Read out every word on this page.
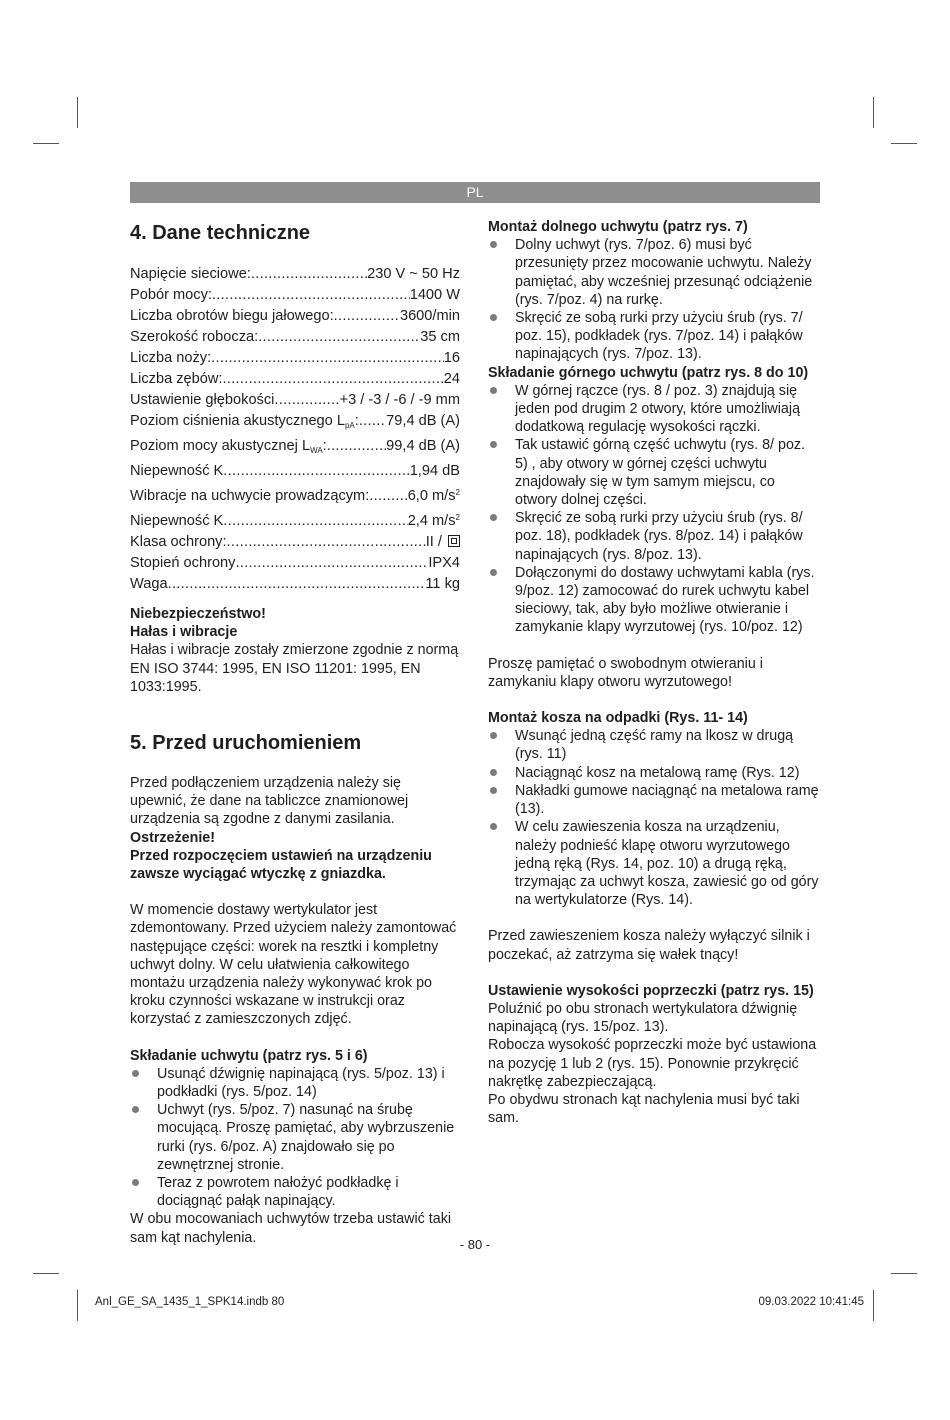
PL
4. Dane techniczne
Napięcie sieciowe: .....	230 V ~ 50 Hz
Pobór mocy: .....	1400 W
Liczba obrotów biegu jałowego: .....	3600/min
Szerokość robocza: .....	35 cm
Liczba noży: .....	16
Liczba zębów: .....	24
Ustawienie głębokości .....	+3 / -3 / -6 / -9 mm
Poziom ciśnienia akustycznego $L_{pA}$: ..... 79,4 dB (A)
Poziom mocy akustycznej $L_{WA}$: .....	99,4 dB (A)
Niepewność K .....	1,94 dB
Wibracje na uchwycie prowadzącym: .....	6,0 $m/s^2$
Niepewność K .....	2,4 $m/s^2$
Klasa ochrony: .....	II /
Stopień ochrony .....	IPX4
Waga .....	11 kg

Niebezpieczeństwo!

Hałas i wibracje

Hałas i wibracje zostały zmierzone zgodnie z normą EN ISO 3744: 1995, EN ISO 11201: 1995, EN 1033:1995.

5. Przed uruchomieniem

Przed podłączeniem urządzenia należy się upewnić, że dane na tabliczce znamionowej urządzenia są zgodne z danymi zasilania.

Ostrzeżenie!

Przed rozpoczęciem ustawień na urządzeniu zawsze wyciągać wtyczkę z gniazdka.

W momencie dostawy wertykulator jest zdemontowany. Przed użyciem należy zamontować następujące części: worek na resztki i kompletny uchwyt dolny. W celu ułatwienia całkowitego montażu urządzenia należy wykonywać krok po kroku czynności wskazane w instrukcji oraz korzystać z zamieszczonych zdjęć.

Składanie uchwytu (patrz rys. 5 i 6)

Usunąć dźwignię napinającą (rys. 5/poz. 13) i podkładki (rys. 5/poz. 14)
Uchwyt (rys. 5/poz. 7) nasunąć na śrubę mocującą. Proszę pamiętać, aby wybrzuszenie rurki (rys. 6/poz. A) znajdowało się po zewnętrznej stronie.
Teraz z powrotem nałożyć podkładkę i dociągnąć pałąk napinający.

W obu mocowaniach uchwytów trzeba ustawić taki sam kąt nachylenia.

Montaż dolnego uchwytu (patrz rys. 7)

Dolny uchwyt (rys. 7/poz. 6) musi być przesunięty przez mocowanie uchwytu. Należy pamiętać, aby wcześniej przesunąć odciążenie (rys. 7/poz. 4) na rurkę.
Skręcić ze sobą rurki przy użyciu śrub (rys. 7/ poz. 15), podkładek (rys. 7/poz. 14) i pałąków napinających (rys. 7/poz. 13).

Składanie górnego uchwytu (patrz rys. 8 do 10)

W górnej rączce (rys. 8 / poz. 3) znajdują się jeden pod drugim 2 otwory, które umożliwiają dodatkową regulację wysokości rączki.
Tak ustawić górną część uchwytu (rys. 8/ poz. 5) , aby otwory w górnej części uchwytu znajdowały się w tym samym miejscu, co otwory dolnej części.
Skręcić ze sobą rurki przy użyciu śrub (rys. 8/ poz. 18), podkładek (rys. 8/poz. 14) i pałąków napinających (rys. 8/poz. 13).
Dołączonymi do dostawy uchwytami kabla (rys. 9/poz. 12) zamocować do rurek uchwytu kabel sieciowy, tak, aby było możliwe otwieranie i zamykanie klapy wyrzutowej (rys. 10/poz. 12)

Proszę pamiętać o swobodnym otwieraniu i zamykaniu klapy otworu wyrzutowego!

Montaż kosza na odpadki (Rys. 11- 14)

Wsunąć jedną część ramy na lkosz w drugą (rys. 11)
Naciągnąć kosz na metalową ramę (Rys. 12)
Nakładki gumowe naciągnąć na metalowa ramę (13).
W celu zawieszenia kosza na urządzeniu, należy podnieść klapę otworu wyrzutowego jedną ręką (Rys. 14, poz. 10) a drugą ręką, trzymając za uchwyt kosza, zawiesić go od góry na wertykulatorze (Rys. 14).

Przed zawieszeniem kosza należy wyłączyć silnik i poczekać, aż zatrzyma się wałek tnący!

Ustawienie wysokości poprzeczki (patrz rys. 15)

Poluźnić po obu stronach wertykulatora dźwignię napinającą (rys. 15/poz. 13).

Robocza wysokość poprzeczki może być ustawiona na pozycję 1 lub 2 (rys. 15). Ponownie przykręcić nakrętkę zabezpieczającą.

Po obydwu stronach kąt nachylenia musi być taki sam.

- 80 -
Anl_GE_SA_1435_1_SPK14.indb 80	09.03.2022 10:41:45
